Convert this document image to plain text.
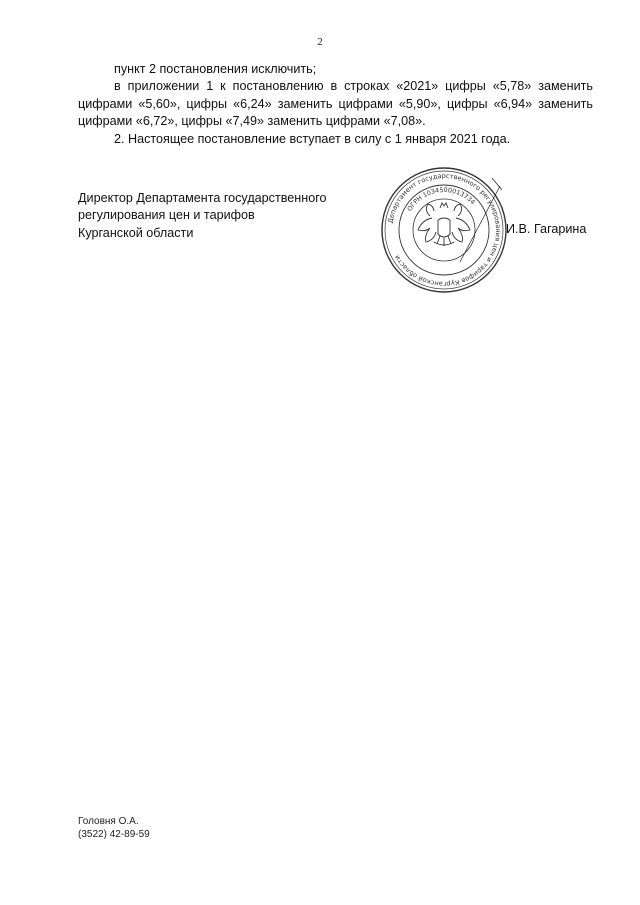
2

пункт 2 постановления исключить;

в приложении 1 к постановлению в строках «2021» цифры «5,78» заменить цифрами «5,60», цифры «6,24» заменить цифрами «5,90», цифры «6,94» заменить цифрами «6,72», цифры «7,49» заменить цифрами «7,08».

2. Настоящее постановление вступает в силу с 1 января 2021 года.

Директор Департамента государственного
регулирования цен и тарифов
Курганской области
Департамент государственного регулирования цен и тарифов Курганской области
ОГРН 1034500013734
И.В. Гагарина
Головня О.А.
(3522) 42-89-59
